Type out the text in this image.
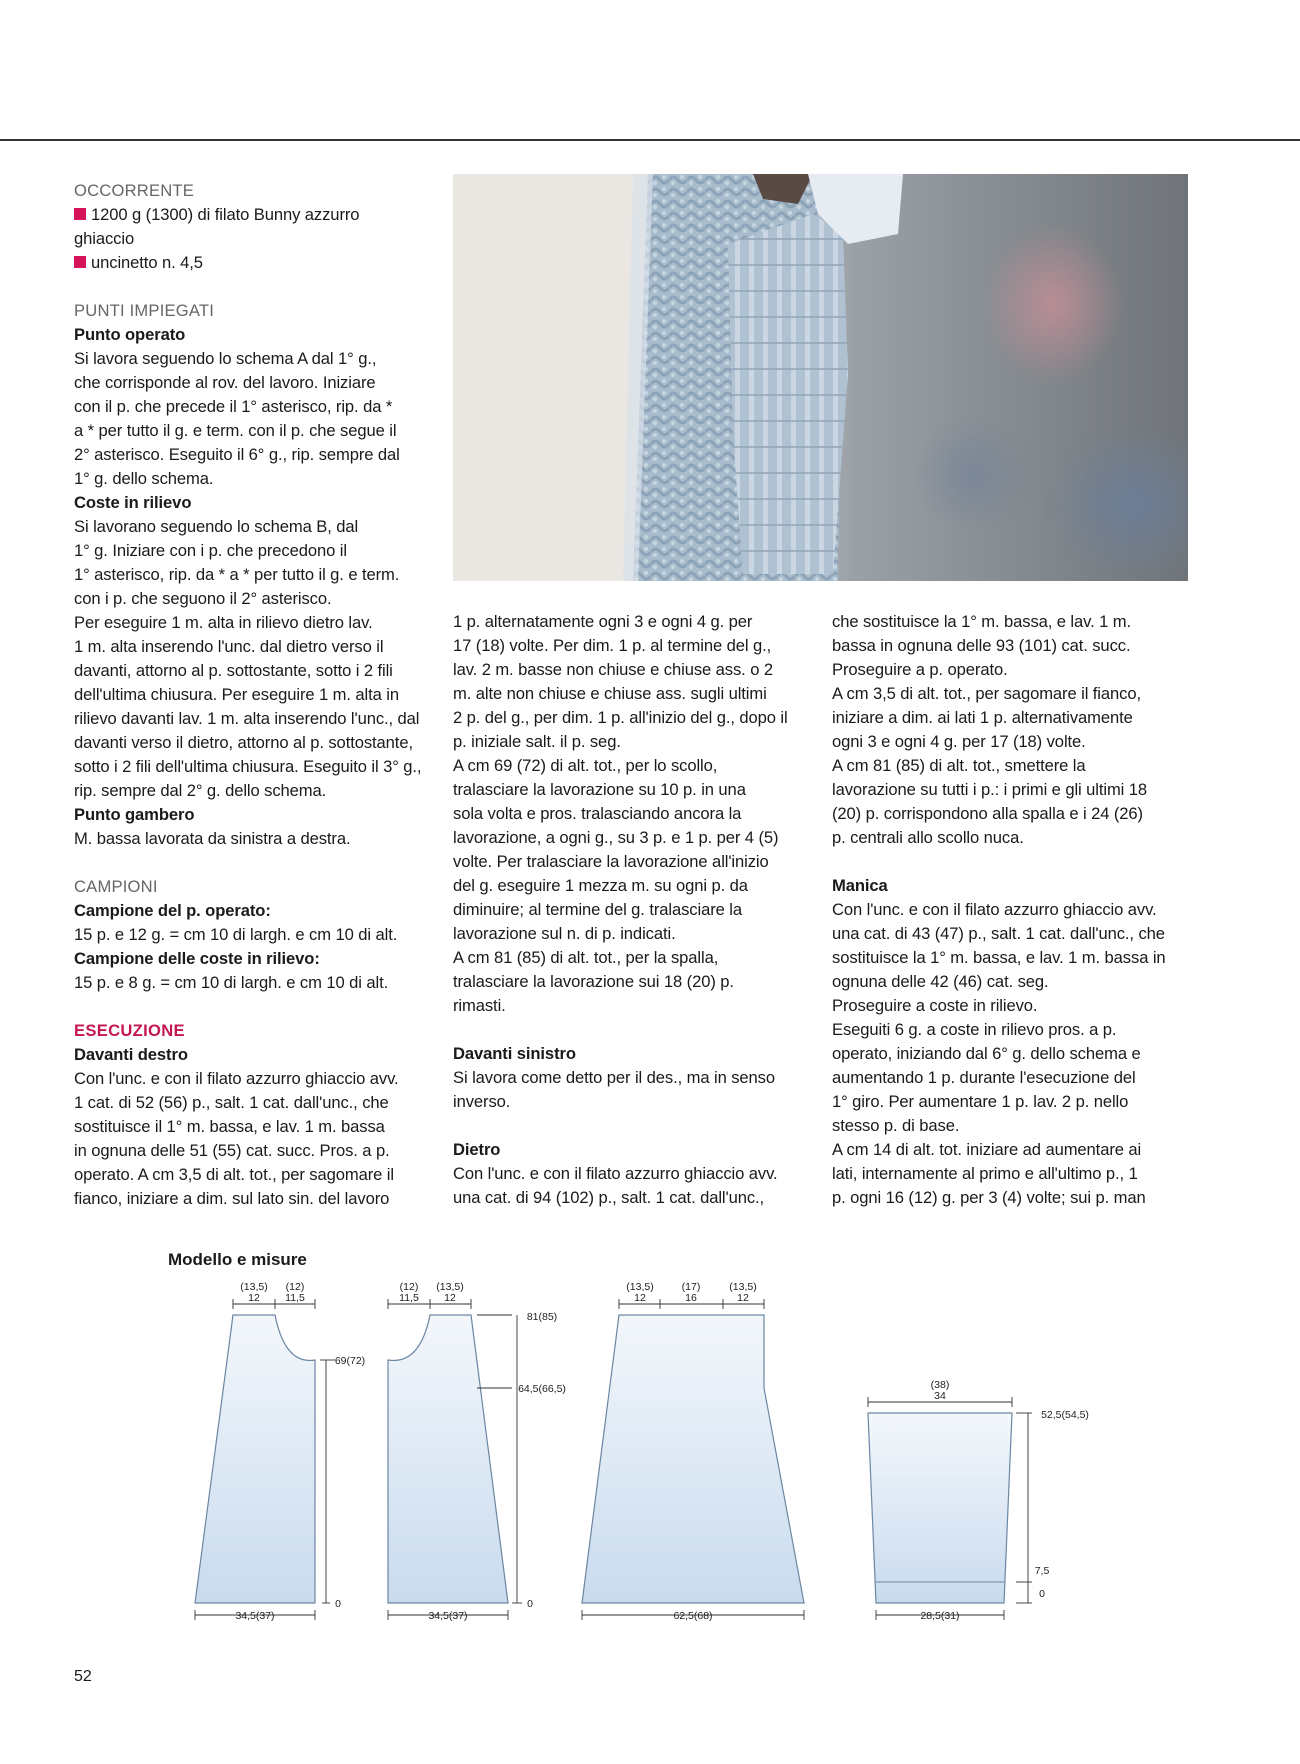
OCCORRENTE

1200 g (1300) di filato Bunny azzurro

ghiaccio

uncinetto n. 4,5

PUNTI IMPIEGATI

Punto operato

Si lavora seguendo lo schema A dal 1° g.,

che corrisponde al rov. del lavoro. Iniziare

con il p. che precede il 1° asterisco, rip. da *

a * per tutto il g. e term. con il p. che segue il

2° asterisco. Eseguito il 6° g., rip. sempre dal

1° g. dello schema.

Coste in rilievo

Si lavorano seguendo lo schema B, dal

1° g. Iniziare con i p. che precedono il

1° asterisco, rip. da * a * per tutto il g. e term.

con i p. che seguono il 2° asterisco.

Per eseguire 1 m. alta in rilievo dietro lav.

1 m. alta inserendo l'unc. dal dietro verso il

davanti, attorno al p. sottostante, sotto i 2 fili

dell'ultima chiusura. Per eseguire 1 m. alta in

rilievo davanti lav. 1 m. alta inserendo l'unc., dal

davanti verso il dietro, attorno al p. sottostante,

sotto i 2 fili dell'ultima chiusura. Eseguito il 3° g.,

rip. sempre dal 2° g. dello schema.

Punto gambero

M. bassa lavorata da sinistra a destra.

CAMPIONI

Campione del p. operato:

15 p. e 12 g. = cm 10 di largh. e cm 10 di alt.

Campione delle coste in rilievo:

15 p. e 8 g. = cm 10 di largh. e cm 10 di alt.

ESECUZIONE

Davanti destro

Con l'unc. e con il filato azzurro ghiaccio avv.

1 cat. di 52 (56) p., salt. 1 cat. dall'unc., che

sostituisce il 1° m. bassa, e lav. 1 m. bassa

in ognuna delle 51 (55) cat. succ. Pros. a p.

operato. A cm 3,5 di alt. tot., per sagomare il

fianco, iniziare a dim. sul lato sin. del lavoro

1 p. alternatamente ogni 3 e ogni 4 g. per

17 (18) volte. Per dim. 1 p. al termine del g.,

lav. 2 m. basse non chiuse e chiuse ass. o 2

m. alte non chiuse e chiuse ass. sugli ultimi

2 p. del g., per dim. 1 p. all'inizio del g., dopo il

p. iniziale salt. il p. seg.

A cm 69 (72) di alt. tot., per lo scollo,

tralasciare la lavorazione su 10 p. in una

sola volta e pros. tralasciando ancora la

lavorazione, a ogni g., su 3 p. e 1 p. per 4 (5)

volte. Per tralasciare la lavorazione all'inizio

del g. eseguire 1 mezza m. su ogni p. da

diminuire; al termine del g. tralasciare la

lavorazione sul n. di p. indicati.

A cm 81 (85) di alt. tot., per la spalla,

tralasciare la lavorazione sui 18 (20) p.

rimasti.

Davanti sinistro

Si lavora come detto per il des., ma in senso

inverso.

Dietro

Con l'unc. e con il filato azzurro ghiaccio avv.

una cat. di 94 (102) p., salt. 1 cat. dall'unc.,

che sostituisce la 1° m. bassa, e lav. 1 m.

bassa in ognuna delle 93 (101) cat. succ.

Proseguire a p. operato.

A cm 3,5 di alt. tot., per sagomare il fianco,

iniziare a dim. ai lati 1 p. alternativamente

ogni 3 e ogni 4 g. per 17 (18) volte.

A cm 81 (85) di alt. tot., smettere la

lavorazione su tutti i p.: i primi e gli ultimi 18

(20) p. corrispondono alla spalla e i 24 (26)

p. centrali allo scollo nuca.

Manica

Con l'unc. e con il filato azzurro ghiaccio avv.

una cat. di 43 (47) p., salt. 1 cat. dall'unc., che

sostituisce la 1° m. bassa, e lav. 1 m. bassa in

ognuna delle 42 (46) cat. seg.

Proseguire a coste in rilievo.

Eseguiti 6 g. a coste in rilievo pros. a p.

operato, iniziando dal 6° g. dello schema e

aumentando 1 p. durante l'esecuzione del

1° giro. Per aumentare 1 p. lav. 2 p. nello

stesso p. di base.

A cm 14 di alt. tot. iniziare ad aumentare ai

lati, internamente al primo e all'ultimo p., 1

p. ogni 16 (12) g. per 3 (4) volte; sui p. man

Modello e misure
(13,5)
12
(12)
11,5
69(72)
0
34,5(37)
(12)
11,5
(13,5)
12
81(85)
64,5(66,5)
0
34,5(37)
(13,5)
12
(17)
16
(13,5)
12
62,5(68)
(38)
34
52,5(54,5)
7,5
0
28,5(31)
52
